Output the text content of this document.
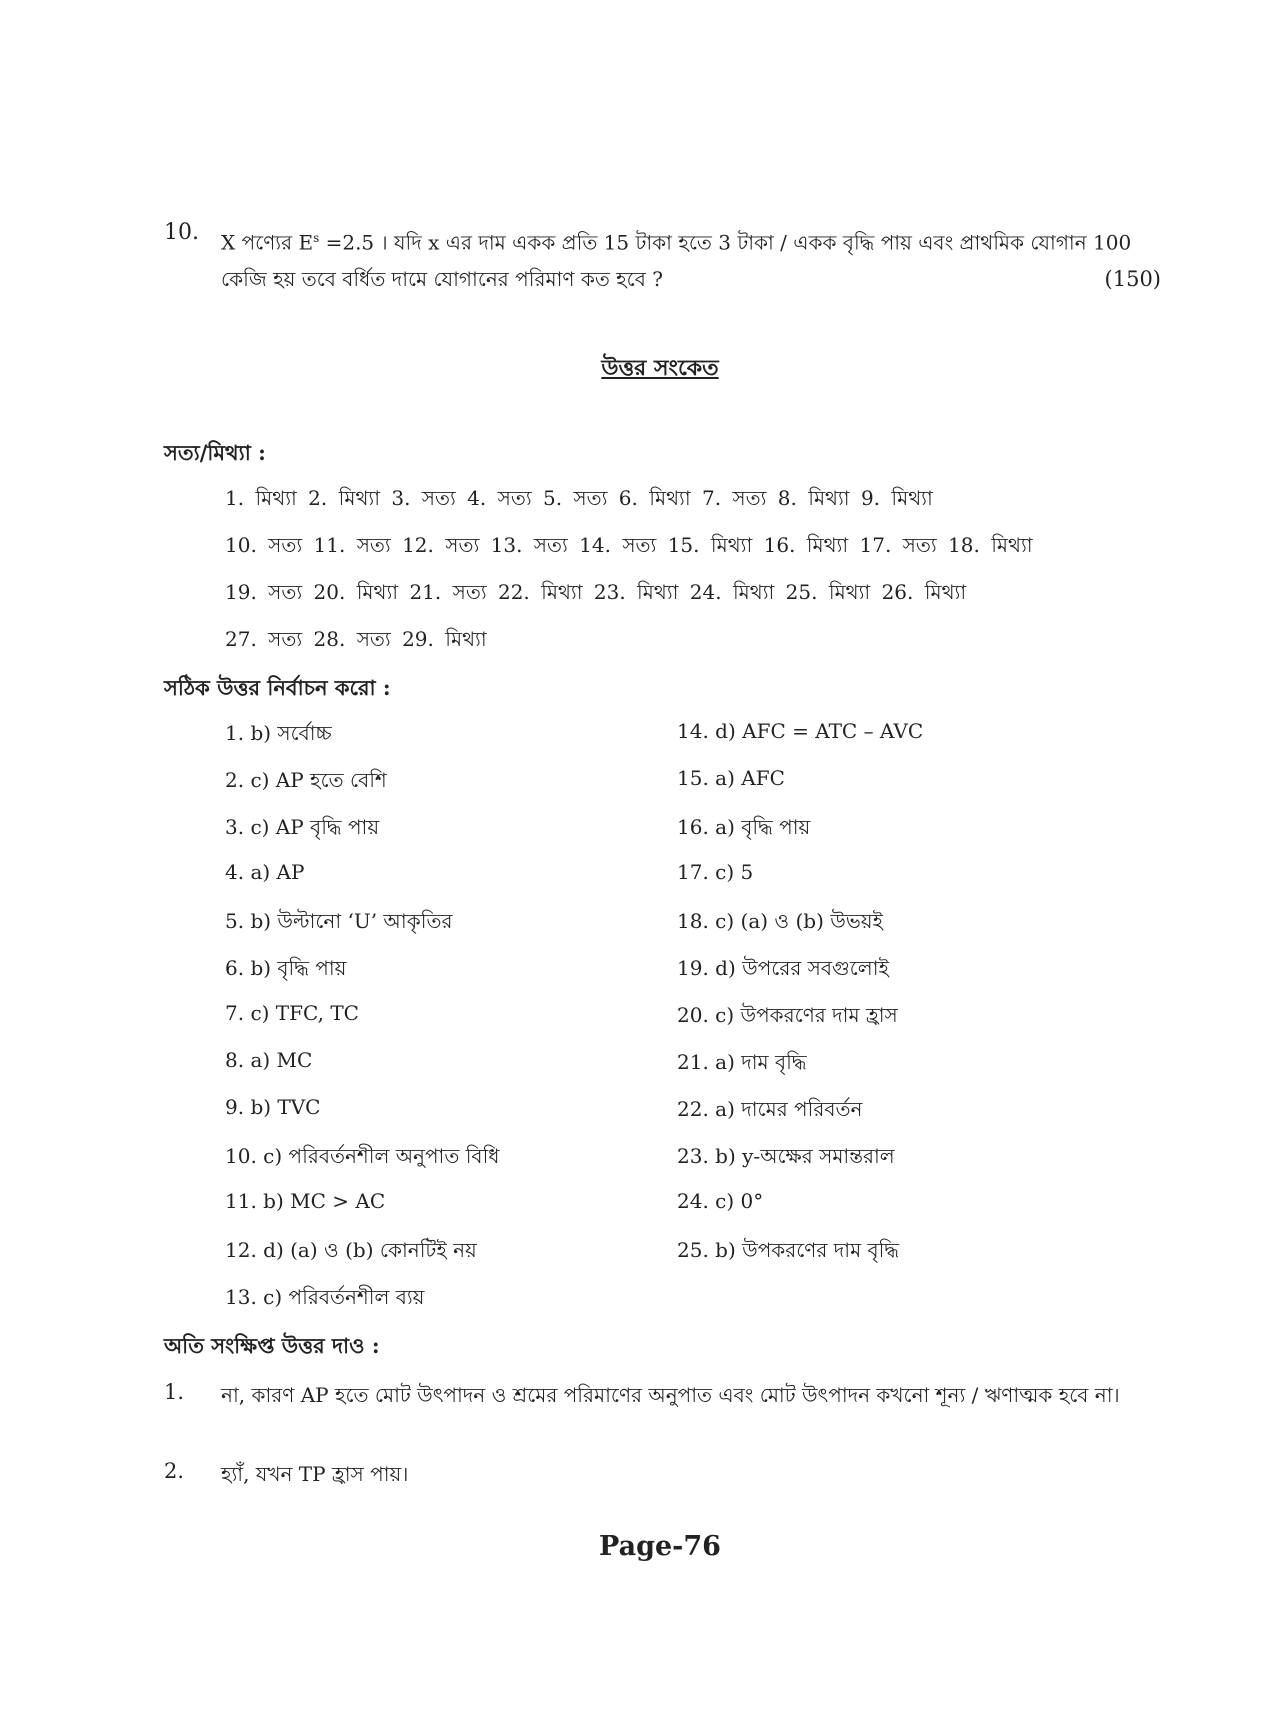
10. X পণ্যের $E^s =2.5$ । যদি x এর দাম একক প্রতি 15 টাকা হতে 3 টাকা / একক বৃদ্ধি পায় এবং প্রাথমিক যোগান 100 কেজি হয় তবে বর্ধিত দামে যোগানের পরিমাণ কত হবে ?	(150)
উত্তর সংকেত
সত্য/মিথ্যা :
1. মিথ্যা 2. মিথ্যা 3. সত্য 4. সত্য 5. সত্য 6. মিথ্যা 7. সত্য 8. মিথ্যা 9. মিথ্যা
10. সত্য 11. সত্য 12. সত্য 13. সত্য 14. সত্য 15. মিথ্যা 16. মিথ্যা 17. সত্য 18. মিথ্যা
19. সত্য 20. মিথ্যা 21. সত্য 22. মিথ্যা 23. মিথ্যা 24. মিথ্যা 25. মিথ্যা 26. মিথ্যা
27. সত্য 28. সত্য 29. মিথ্যা
সঠিক উত্তর নির্বাচন করো :
1. b) সর্বোচ্চ
2. c) AP হতে বেশি
3. c) AP বৃদ্ধি পায়
4. a) AP
5. b) উল্টানো ‘U’ আকৃতির
6. b) বৃদ্ধি পায়
7. c) TFC, TC
8. a) MC
9. b) TVC
10. c) পরিবর্তনশীল অনুপাত বিধি
11. b) MC > AC
12. d) (a) ও (b) কোনটিই নয়
13. c) পরিবর্তনশীল ব্যয়
14. d) AFC = ATC – AVC
15. a) AFC
16. a) বৃদ্ধি পায়
17. c) 5
18. c) (a) ও (b) উভয়ই
19. d) উপরের সবগুলোই
20. c) উপকরণের দাম হ্রাস
21. a) দাম বৃদ্ধি
22. a) দামের পরিবর্তন
23. b) y-অক্ষের সমান্তরাল
24. c) 0°
25. b) উপকরণের দাম বৃদ্ধি
অতি সংক্ষিপ্ত উত্তর দাও :
1. না, কারণ AP হতে মোট উৎপাদন ও শ্রমের পরিমাণের অনুপাত এবং মোট উৎপাদন কখনো শূন্য / ঋণাত্মক হবে না।
2. হ্যাঁ, যখন TP হ্রাস পায়।
Page-76
